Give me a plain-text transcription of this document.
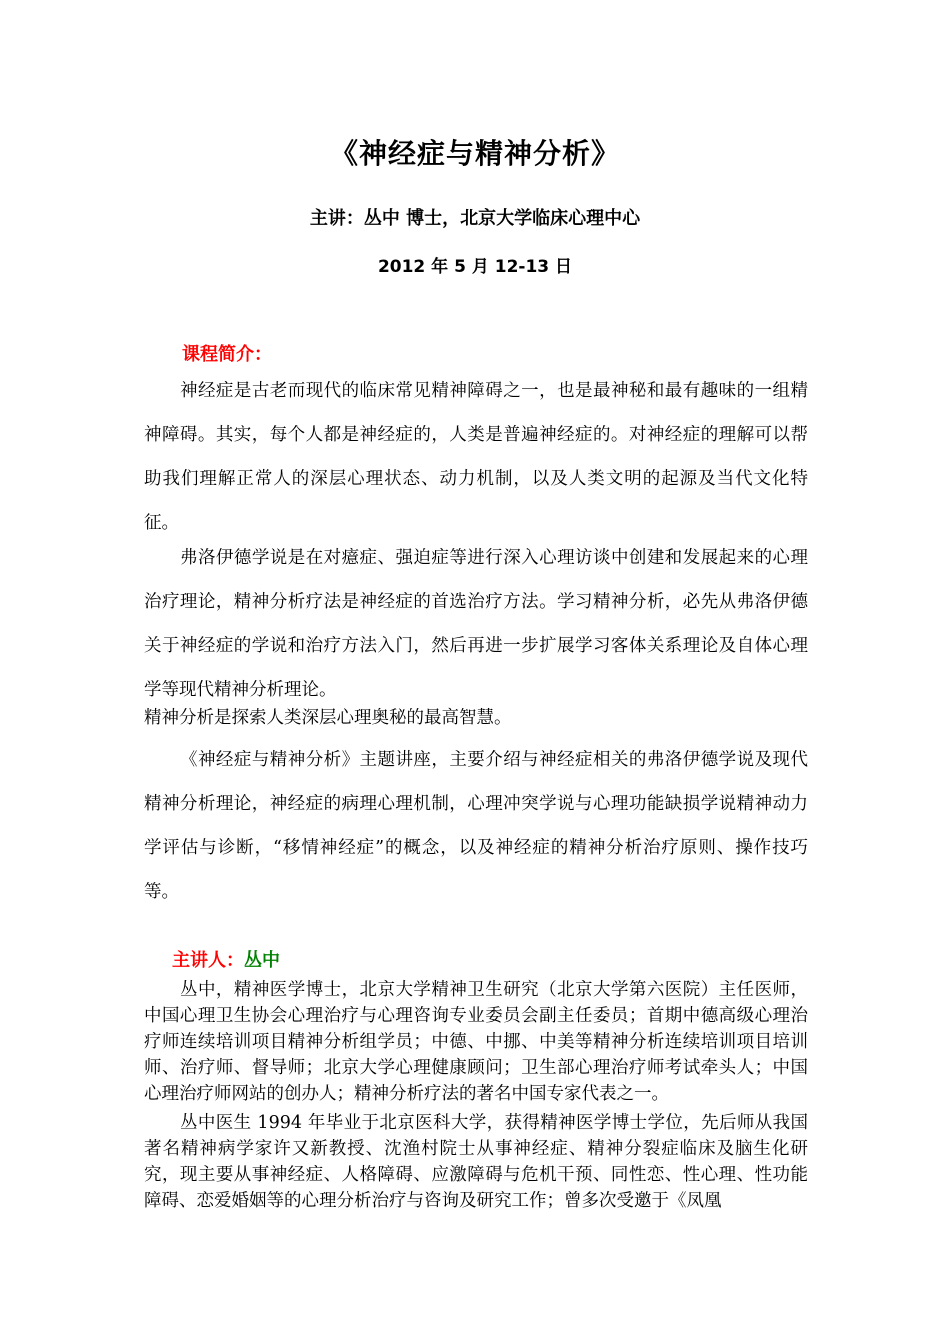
《神经症与精神分析》
主讲：丛中 博士，北京大学临床心理中心
2012 年 5 月 12-13 日
课程简介：

神经症是古老而现代的临床常见精神障碍之一，也是最神秘和最有趣味的一组精神障碍。其实，每个人都是神经症的，人类是普遍神经症的。对神经症的理解可以帮助我们理解正常人的深层心理状态、动力机制，以及人类文明的起源及当代文化特征。

弗洛伊德学说是在对癔症、强迫症等进行深入心理访谈中创建和发展起来的心理治疗理论，精神分析疗法是神经症的首选治疗方法。学习精神分析，必先从弗洛伊德关于神经症的学说和治疗方法入门，然后再进一步扩展学习客体关系理论及自体心理学等现代精神分析理论。

精神分析是探索人类深层心理奥秘的最高智慧。

《神经症与精神分析》主题讲座，主要介绍与神经症相关的弗洛伊德学说及现代精神分析理论，神经症的病理心理机制，心理冲突学说与心理功能缺损学说精神动力学评估与诊断，“移情神经症”的概念，以及神经症的精神分析治疗原则、操作技巧等。

主讲人：丛中

丛中，精神医学博士，北京大学精神卫生研究（北京大学第六医院）主任医师，中国心理卫生协会心理治疗与心理咨询专业委员会副主任委员；首期中德高级心理治疗师连续培训项目精神分析组学员；中德、中挪、中美等精神分析连续培训项目培训师、治疗师、督导师；北京大学心理健康顾问；卫生部心理治疗师考试牵头人；中国心理治疗师网站的创办人；精神分析疗法的著名中国专家代表之一。

丛中医生 1994 年毕业于北京医科大学，获得精神医学博士学位，先后师从我国著名精神病学家许又新教授、沈渔村院士从事神经症、精神分裂症临床及脑生化研究，现主要从事神经症、人格障碍、应激障碍与危机干预、同性恋、性心理、性功能障碍、恋爱婚姻等的心理分析治疗与咨询及研究工作；曾多次受邀于《凤凰
